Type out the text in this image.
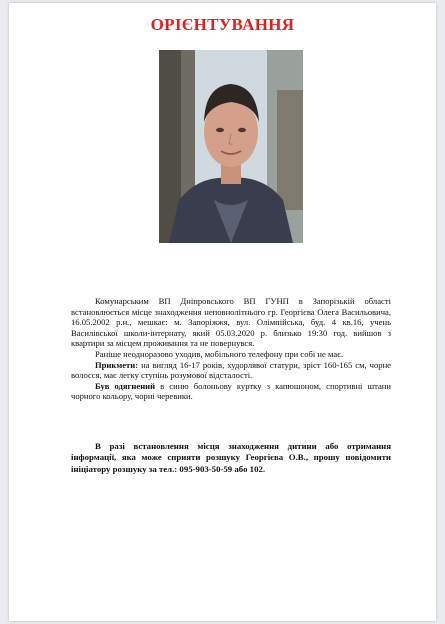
ОРІЄНТУВАННЯ

Комунарським ВП Дніпровського ВП ГУНП в Запорізькій області встановлюється місце знаходження неповнолітнього гр. Георгієва Олега Васильовича, 16.05.2002 р.н., мешкає: м. Запоріжжя, вул. Олімпійська, буд. 4 кв.16, учень Василівської школи-інтернату, який 05.03.2020 р. близько 19:30 год. вийшов з квартири за місцем проживання та не повернувся.

Раніше неодноразово уходив, мобільного телефону при собі не має.

Прикмети: на вигляд 16-17 років, худорлявої статури, зріст 160-165 см, чорне волосся, має легку ступінь розумової відсталості.

Був одягнений в синю болоньову куртку з капюшоном, спортивні штани чорного кольору, чорні черевики.

В разі встановлення місця знаходження дитини або отримання інформації, яка може сприяти розшуку Георгієва О.В., прошу повідомити ініціатору розшуку за тел.: 095-903-50-59 або 102.
